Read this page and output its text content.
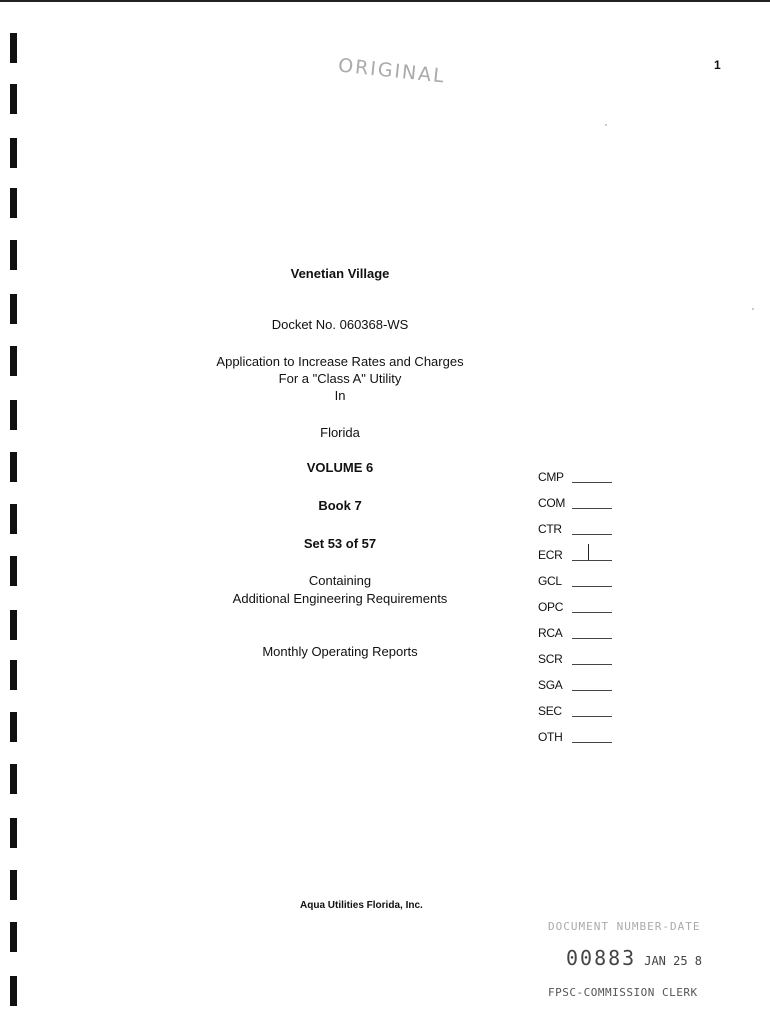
1
ORIGINAL
Venetian Village
Docket No. 060368-WS
Application to Increase Rates and Charges
For a "Class A" Utility
In
Florida
VOLUME 6
Book 7
Set 53 of 57
Containing
Additional Engineering Requirements
Monthly Operating Reports
CMP
COM
CTR
ECR
GCL
OPC
RCA
SCR
SGA
SEC
OTH
Aqua Utilities Florida, Inc.
DOCUMENT NUMBER-DATE
00883 JAN 25 8
FPSC-COMMISSION CLERK
